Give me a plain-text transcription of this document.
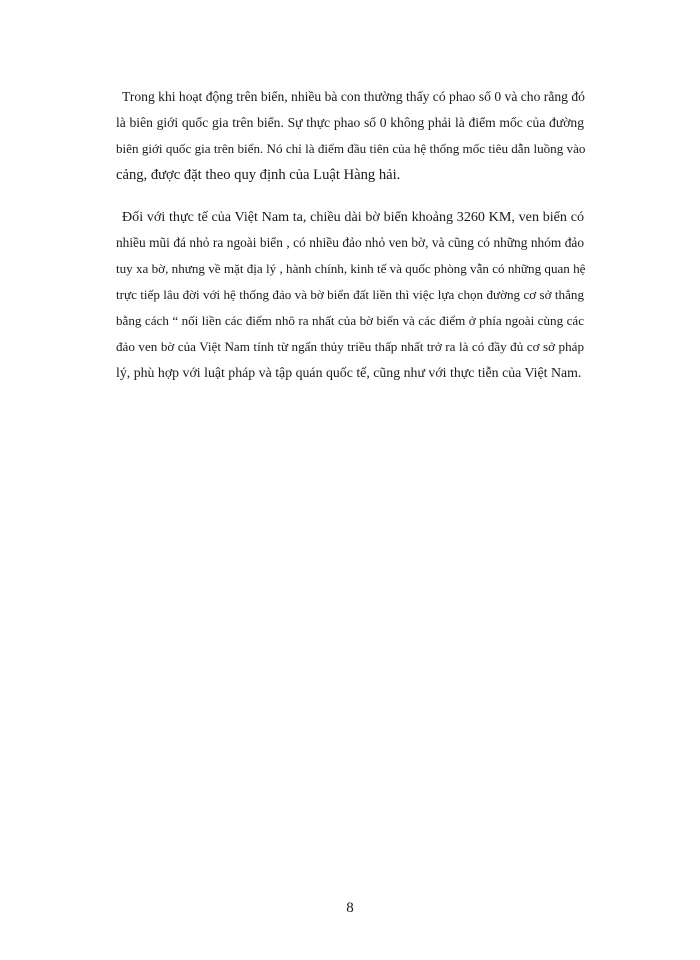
Trong khi hoạt động trên biển, nhiều bà con thường thấy có phao số 0 và cho rằng đó
là biên giới quốc gia trên biển. Sự thực phao số 0 không phải là điểm mốc của đường
biên giới quốc gia trên biển. Nó chỉ là điểm đầu tiên của hệ thống mốc tiêu dẫn luồng vào
cảng, được đặt theo quy định của Luật Hàng hải.
Đối với thực tế của Việt Nam ta, chiều dài bờ biển khoảng 3260 KM, ven biển có
nhiều mũi đá nhỏ ra ngoài biển , có nhiều đảo nhỏ ven bờ, và cũng có những nhóm đảo
tuy xa bờ, nhưng về mặt địa lý , hành chính, kinh tế và quốc phòng vẫn có những quan hệ
trực tiếp lâu đời với hệ thống đảo và bờ biển đất liền thì việc lựa chọn đường cơ sở thẳng
bằng cách “ nối liền các điểm nhô ra nhất của bờ biển và các điểm ở phía ngoài cùng các
đảo ven bờ của Việt Nam tính từ ngấn thủy triều thấp nhất trở ra là có đầy đủ cơ sở pháp
lý, phù hợp với luật pháp và tập quán quốc tế, cũng như với thực tiễn của Việt Nam.
8
